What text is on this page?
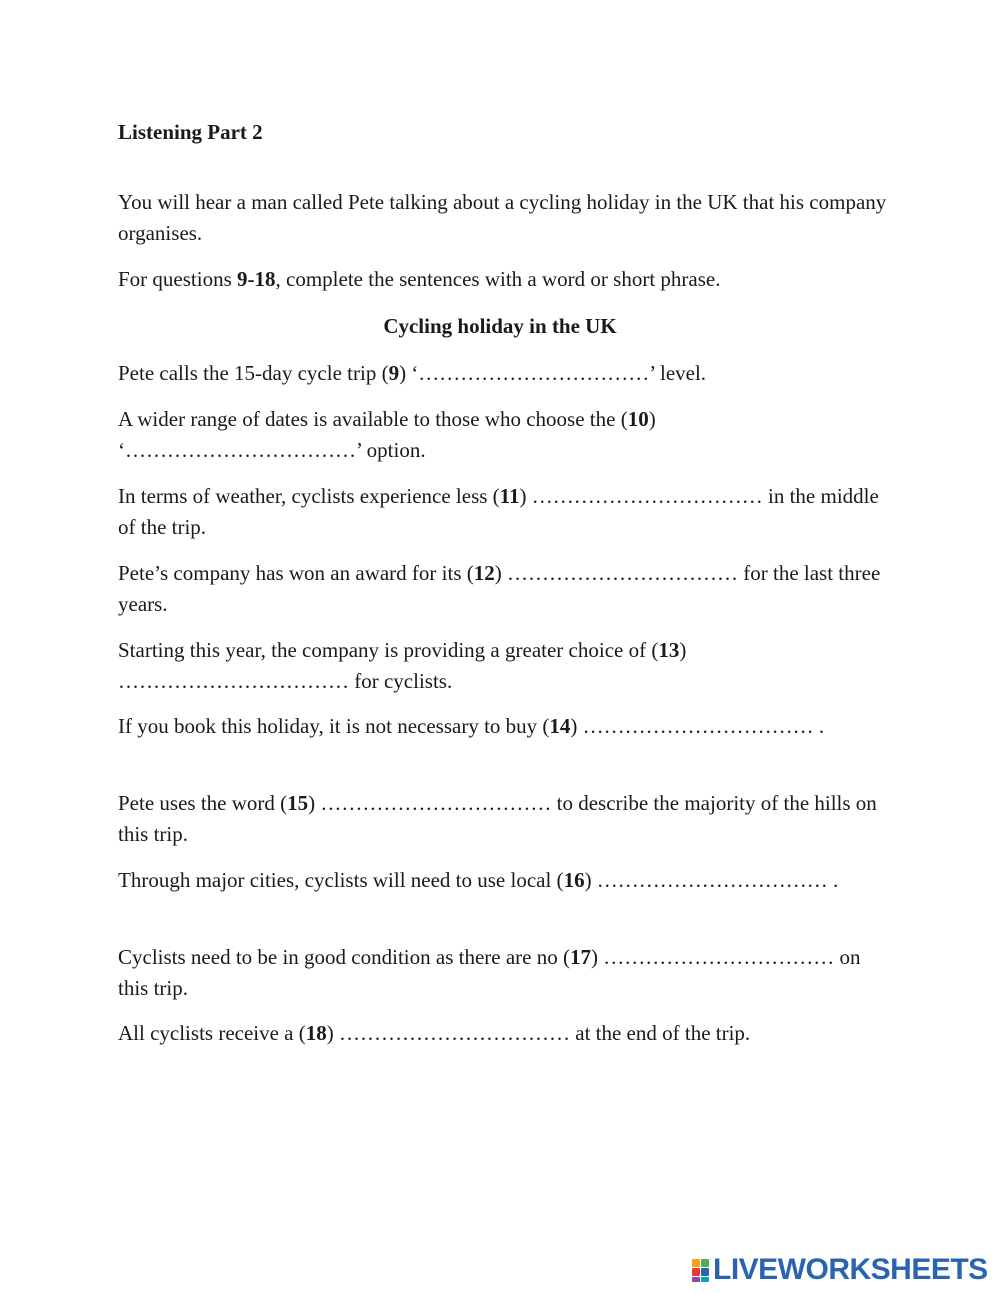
Listening Part 2
You will hear a man called Pete talking about a cycling holiday in the UK that his company organises.
For questions 9-18, complete the sentences with a word or short phrase.
Cycling holiday in the UK
Pete calls the 15-day cycle trip (9) ‘……………………………’ level.
A wider range of dates is available to those who choose the (10) ‘……………………………’ option.
In terms of weather, cyclists experience less (11) …………………………… in the middle of the trip.
Pete’s company has won an award for its (12) …………………………… for the last three years.
Starting this year, the company is providing a greater choice of (13) …………………………… for cyclists.
If you book this holiday, it is not necessary to buy (14) …………………………… .
Pete uses the word (15) …………………………… to describe the majority of the hills on this trip.
Through major cities, cyclists will need to use local (16) …………………………… .
Cyclists need to be in good condition as there are no (17) …………………………… on this trip.
All cyclists receive a (18) …………………………… at the end of the trip.
LIVEWORKSHEETS
